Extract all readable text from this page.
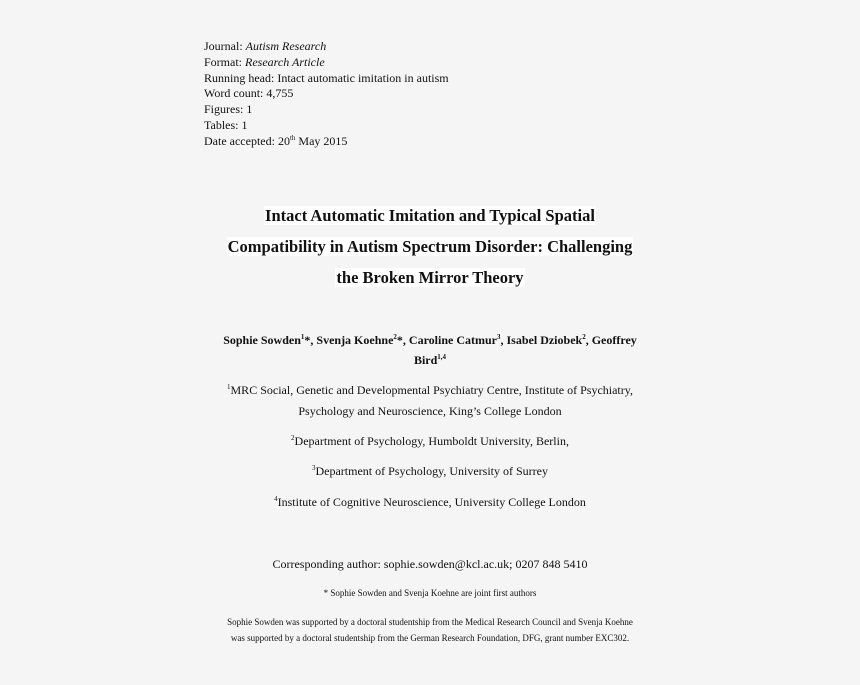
Journal: Autism Research
Format: Research Article
Running head: Intact automatic imitation in autism
Word count: 4,755
Figures: 1
Tables: 1
Date accepted: 20th May 2015
Intact Automatic Imitation and Typical Spatial
Compatibility in Autism Spectrum Disorder: Challenging
the Broken Mirror Theory
Sophie Sowden$^1$*, Svenja Koehne$^2$*, Caroline Catmur$^3$, Isabel Dziobek$^2$, Geoffrey
Bird$^{1,4}$
$^1$MRC Social, Genetic and Developmental Psychiatry Centre, Institute of Psychiatry,
Psychology and Neuroscience, King’s College London
$^2$Department of Psychology, Humboldt University, Berlin,
$^3$Department of Psychology, University of Surrey
$^4$Institute of Cognitive Neuroscience, University College London
Corresponding author: sophie.sowden@kcl.ac.uk; 0207 848 5410
* Sophie Sowden and Svenja Koehne are joint first authors
Sophie Sowden was supported by a doctoral studentship from the Medical Research Council and Svenja Koehne
was supported by a doctoral studentship from the German Research Foundation, DFG, grant number EXC302.
